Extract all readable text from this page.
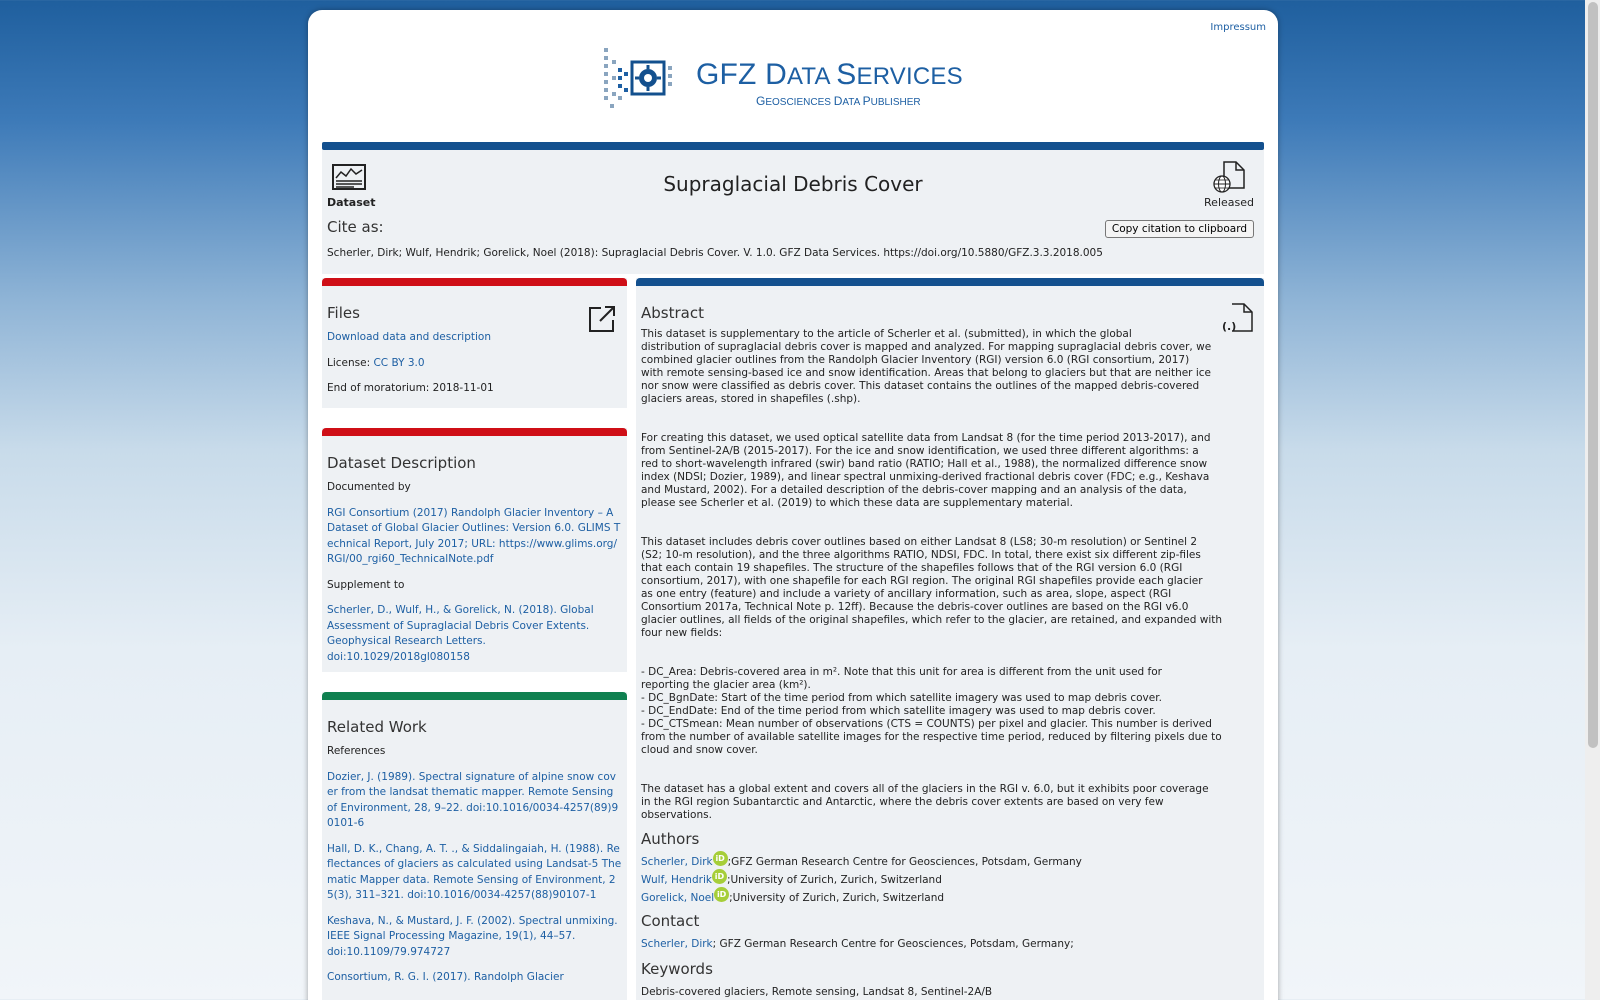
Impressum
GFZ DATA SERVICES
GEOSCIENCES DATA PUBLISHER
Dataset
Supraglacial Debris Cover
Released
Cite as:	Copy citation to clipboard
Scherler, Dirk; Wulf, Hendrik; Gorelick, Noel (2018): Supraglacial Debris Cover. V. 1.0. GFZ Data Services. https://doi.org/10.5880/GFZ.3.3.2018.005
Files
Download data and description
License: CC BY 3.0
End of moratorium: 2018-11-01
Dataset Description
Documented by
RGI Consortium (2017) Randolph Glacier Inventory – A Dataset of Global Glacier Outlines: Version 6.0. GLIMS Technical Report, July 2017; URL: https://www.glims.org/RGI/00_rgi60_TechnicalNote.pdf
Supplement to
Scherler, D., Wulf, H., & Gorelick, N. (2018). Global Assessment of Supraglacial Debris Cover Extents. Geophysical Research Letters. doi:10.1029/2018gl080158
Related Work
References
Dozier, J. (1989). Spectral signature of alpine snow cover from the landsat thematic mapper. Remote Sensing of Environment, 28, 9–22. doi:10.1016/0034-4257(89)90101-6
Hall, D. K., Chang, A. T. ., & Siddalingaiah, H. (1988). Reflectances of glaciers as calculated using Landsat-5 Thematic Mapper data. Remote Sensing of Environment, 25(3), 311–321. doi:10.1016/0034-4257(88)90107-1
Keshava, N., & Mustard, J. F. (2002). Spectral unmixing. IEEE Signal Processing Magazine, 19(1), 44–57. doi:10.1109/79.974727
Consortium, R. G. I. (2017). Randolph Glacier
Abstract
(.)

This dataset is supplementary to the article of Scherler et al. (submitted), in which the global
distribution of supraglacial debris cover is mapped and analyzed. For mapping supraglacial debris cover, we
combined glacier outlines from the Randolph Glacier Inventory (RGI) version 6.0 (RGI consortium, 2017)
with remote sensing-based ice and snow identification. Areas that belong to glaciers but that are neither ice
nor snow were classified as debris cover. This dataset contains the outlines of the mapped debris-covered
glaciers areas, stored in shapefiles (.shp).

For creating this dataset, we used optical satellite data from Landsat 8 (for the time period 2013-2017), and
from Sentinel-2A/B (2015-2017). For the ice and snow identification, we used three different algorithms: a
red to short-wavelength infrared (swir) band ratio (RATIO; Hall et al., 1988), the normalized difference snow
index (NDSI; Dozier, 1989), and linear spectral unmixing-derived fractional debris cover (FDC; e.g., Keshava
and Mustard, 2002). For a detailed description of the debris-cover mapping and an analysis of the data,
please see Scherler et al. (2019) to which these data are supplementary material.

This dataset includes debris cover outlines based on either Landsat 8 (LS8; 30-m resolution) or Sentinel 2
(S2; 10-m resolution), and the three algorithms RATIO, NDSI, FDC. In total, there exist six different zip-files
that each contain 19 shapefiles. The structure of the shapefiles follows that of the RGI version 6.0 (RGI
consortium, 2017), with one shapefile for each RGI region. The original RGI shapefiles provide each glacier
as one entry (feature) and include a variety of ancillary information, such as area, slope, aspect (RGI
Consortium 2017a, Technical Note p. 12ff). Because the debris-cover outlines are based on the RGI v6.0
glacier outlines, all fields of the original shapefiles, which refer to the glacier, are retained, and expanded with
four new fields:

- DC_Area: Debris-covered area in m². Note that this unit for area is different from the unit used for
reporting the glacier area (km²).
- DC_BgnDate: Start of the time period from which satellite imagery was used to map debris cover.
- DC_EndDate: End of the time period from which satellite imagery was used to map debris cover.
- DC_CTSmean: Mean number of observations (CTS = COUNTS) per pixel and glacier. This number is derived
from the number of available satellite images for the respective time period, reduced by filtering pixels due to
cloud and snow cover.

The dataset has a global extent and covers all of the glaciers in the RGI v. 6.0, but it exhibits poor coverage
in the RGI region Subantarctic and Antarctic, where the debris cover extents are based on very few
observations.

Authors
Scherler, Dirk iD ;GFZ German Research Centre for Geosciences, Potsdam, Germany
Wulf, Hendrik iD ;University of Zurich, Zurich, Switzerland
Gorelick, Noel iD ;University of Zurich, Zurich, Switzerland
Contact
Scherler, Dirk ; GFZ German Research Centre for Geosciences, Potsdam, Germany;
Keywords
Debris-covered glaciers, Remote sensing, Landsat 8, Sentinel-2A/B
